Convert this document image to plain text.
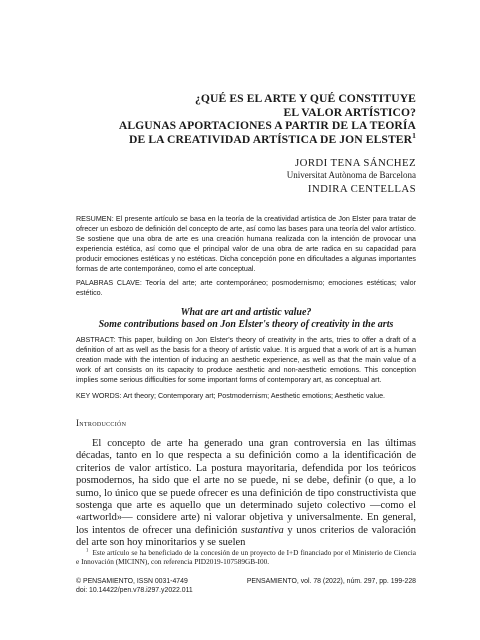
¿QUÉ ES EL ARTE Y QUÉ CONSTITUYE
EL VALOR ARTÍSTICO?
ALGUNAS APORTACIONES A PARTIR DE LA TEORÍA
DE LA CREATIVIDAD ARTÍSTICA DE JON ELSTER$^1$
JORDI TENA SÁNCHEZ
Universitat Autònoma de Barcelona
INDIRA CENTELLAS

RESUMEN: El presente artículo se basa en la teoría de la creatividad artística de Jon Elster para tratar de ofrecer un esbozo de definición del concepto de arte, así como las bases para una teoría del valor artístico. Se sostiene que una obra de arte es una creación humana realizada con la intención de provocar una experiencia estética, así como que el principal valor de una obra de arte radica en su capacidad para producir emociones estéticas y no estéticas. Dicha concepción pone en dificultades a algunas importantes formas de arte contemporáneo, como el arte conceptual.

PALABRAS CLAVE: Teoría del arte; arte contemporáneo; posmodernismo; emociones estéticas; valor estético.

What are art and artistic value?
Some contributions based on Jon Elster's theory of creativity in the arts

ABSTRACT: This paper, building on Jon Elster's theory of creativity in the arts, tries to offer a draft of a definition of art as well as the basis for a theory of artistic value. It is argued that a work of art is a human creation made with the intention of inducing an aesthetic experience, as well as that the main value of a work of art consists on its capacity to produce aesthetic and non-aesthetic emotions. This conception implies some serious difficulties for some important forms of contemporary art, as conceptual art.

KEY WORDS: Art theory; Contemporary art; Postmodernism; Aesthetic emotions; Aesthetic value.

Introducción

El concepto de arte ha generado una gran controversia en las últimas décadas, tanto en lo que respecta a su definición como a la identificación de criterios de valor artístico. La postura mayoritaria, defendida por los teóricos posmodernos, ha sido que el arte no se puede, ni se debe, definir (o que, a lo sumo, lo único que se puede ofrecer es una definición de tipo constructivista que sostenga que arte es aquello que un determinado sujeto colectivo —como el «artworld»— considere arte) ni valorar objetiva y universalmente. En general, los intentos de ofrecer una definición sustantiva y unos criterios de valoración del arte son hoy minoritarios y se suelen

$^1$ Este artículo se ha beneficiado de la concesión de un proyecto de I+D financiado por el Ministerio de Ciencia e Innovación (MICINN), con referencia PID2019-107589GB-I00.

© PENSAMIENTO, ISSN 0031-4749
doi: 10.14422/pen.v78.i297.y2022.011
PENSAMIENTO, vol. 78 (2022), núm. 297, pp. 199-228
